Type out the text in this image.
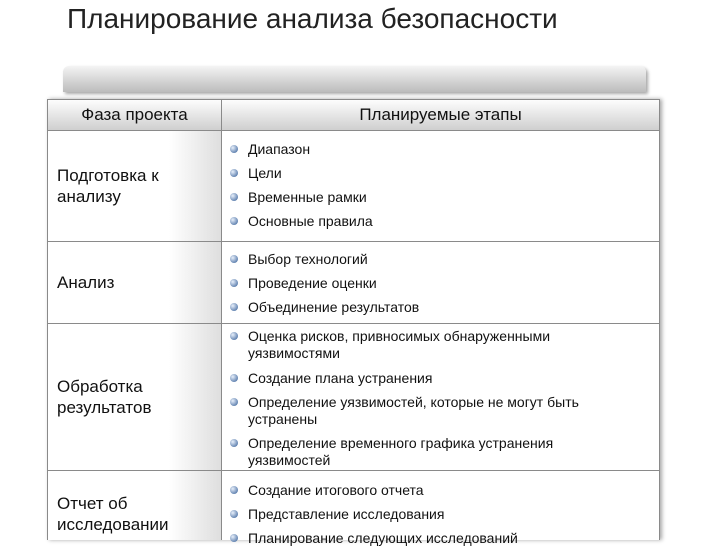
Планирование анализа безопасности
Фаза проекта	Планируемые этапы
Подготовка к анализу
Диапазон
Цели
Временные рамки
Основные правила
Анализ
Выбор технологий
Проведение оценки
Объединение результатов
Обработка результатов
Оценка рисков, привносимых обнаруженными уязвимостями
Создание плана устранения
Определение уязвимостей, которые не могут быть устранены
Определение временного графика устранения уязвимостей
Отчет об исследовании
Создание итогового отчета
Представление исследования
Планирование следующих исследований
